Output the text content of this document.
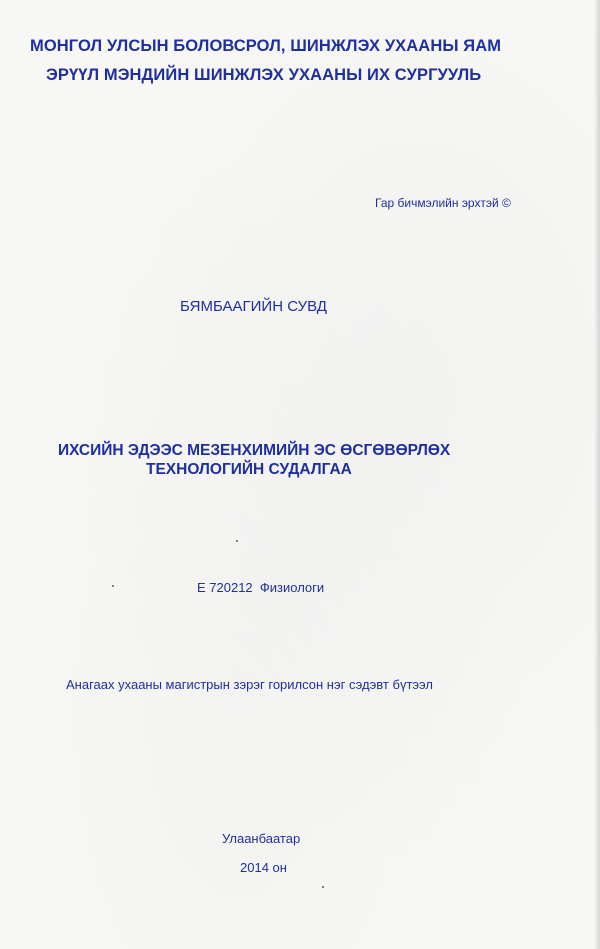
МОНГОЛ УЛСЫН БОЛОВСРОЛ, ШИНЖЛЭХ УХААНЫ ЯАМ
ЭРҮҮЛ МЭНДИЙН ШИНЖЛЭХ УХААНЫ ИХ СУРГУУЛЬ
Гар бичмэлийн эрхтэй ©
БЯМБААГИЙН СУВД
ИХСИЙН ЭДЭЭС МЕЗЕНХИМИЙН ЭС ӨСГӨВӨРЛӨХ
ТЕХНОЛОГИЙН СУДАЛГАА
Е 720212  Физиологи
Анагаах ухааны магистрын зэрэг горилсон нэг сэдэвт бүтээл
Улаанбаатар
2014 он
